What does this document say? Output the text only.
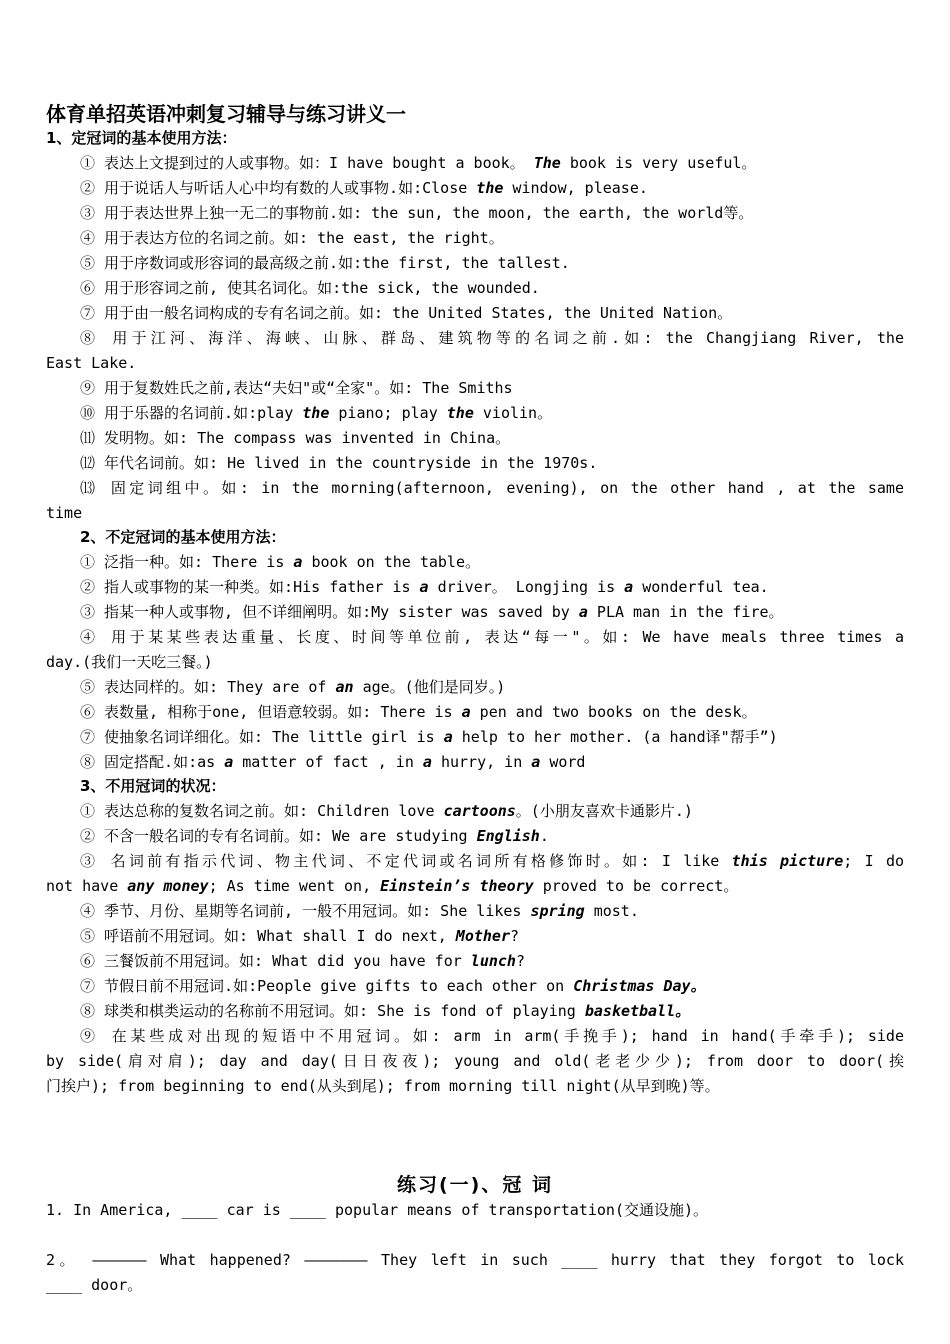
体育单招英语冲刺复习辅导与练习讲义一
1、定冠词的基本使用方法：
① 表达上文提到过的人或事物。如：I have bought a book。 The book is very useful。
② 用于说话人与听话人心中均有数的人或事物.如:Close the window, please.
③ 用于表达世界上独一无二的事物前.如: the sun, the moon, the earth, the world等。
④ 用于表达方位的名词之前。如: the east, the right。
⑤ 用于序数词或形容词的最高级之前.如:the first, the tallest.
⑥ 用于形容词之前, 使其名词化。如:the sick, the wounded.
⑦ 用于由一般名词构成的专有名词之前。如: the United States, the United Nation。
⑧ 用于江河、海洋、海峡、山脉、群岛、建筑物等的名词之前.如: the Changjiang River, the
East Lake.
⑨ 用于复数姓氏之前,表达“夫妇"或“全家"。如: The Smiths
⑩ 用于乐器的名词前.如:play the piano; play the violin。
⑾ 发明物。如: The compass was invented in China。
⑿ 年代名词前。如: He lived in the countryside in the 1970s.
⒀ 固定词组中。如: in the morning(afternoon, evening), on the other hand , at the same
time
2、不定冠词的基本使用方法：
① 泛指一种。如: There is a book on the table。
② 指人或事物的某一种类。如:His father is a driver。 Longjing is a wonderful tea.
③ 指某一种人或事物, 但不详细阐明。如:My sister was saved by a PLA man in the fire。
④ 用于某某些表达重量、长度、时间等单位前, 表达“每一"。如: We have meals three times a
day.(我们一天吃三餐。)
⑤ 表达同样的。如: They are of an age。(他们是同岁。)
⑥ 表数量, 相称于one, 但语意较弱。如: There is a pen and two books on the desk。
⑦ 使抽象名词详细化。如: The little girl is a help to her mother. (a hand译"帮手”)
⑧ 固定搭配.如:as a matter of fact , in a hurry, in a word
3、不用冠词的状况：
① 表达总称的复数名词之前。如: Children love cartoons。(小朋友喜欢卡通影片.)
② 不含一般名词的专有名词前。如: We are studying English.
③ 名词前有指示代词、物主代词、不定代词或名词所有格修饰时。如: I like this picture; I do
not have any money; As time went on, Einstein’s theory proved to be correct。
④ 季节、月份、星期等名词前, 一般不用冠词。如: She likes spring most.
⑤ 呼语前不用冠词。如: What shall I do next, Mother?
⑥ 三餐饭前不用冠词。如: What did you have for lunch?
⑦ 节假日前不用冠词.如:People give gifts to each other on Christmas Day。
⑧ 球类和棋类运动的名称前不用冠词。如: She is fond of playing basketball。
⑨ 在某些成对出现的短语中不用冠词。如: arm in arm(手挽手); hand in hand(手牵手); side
by side(肩对肩); day and day(日日夜夜); young and old(老老少少); from door to door(挨
门挨户); from beginning to end(从头到尾); from morning till night(从早到晚)等。
练习(一)、冠 词
1. In America, ____ car is ____ popular means of transportation(交通设施)。
2。 —————— What happened? ——————— They left in such ____ hurry that they forgot to lock
____ door。
